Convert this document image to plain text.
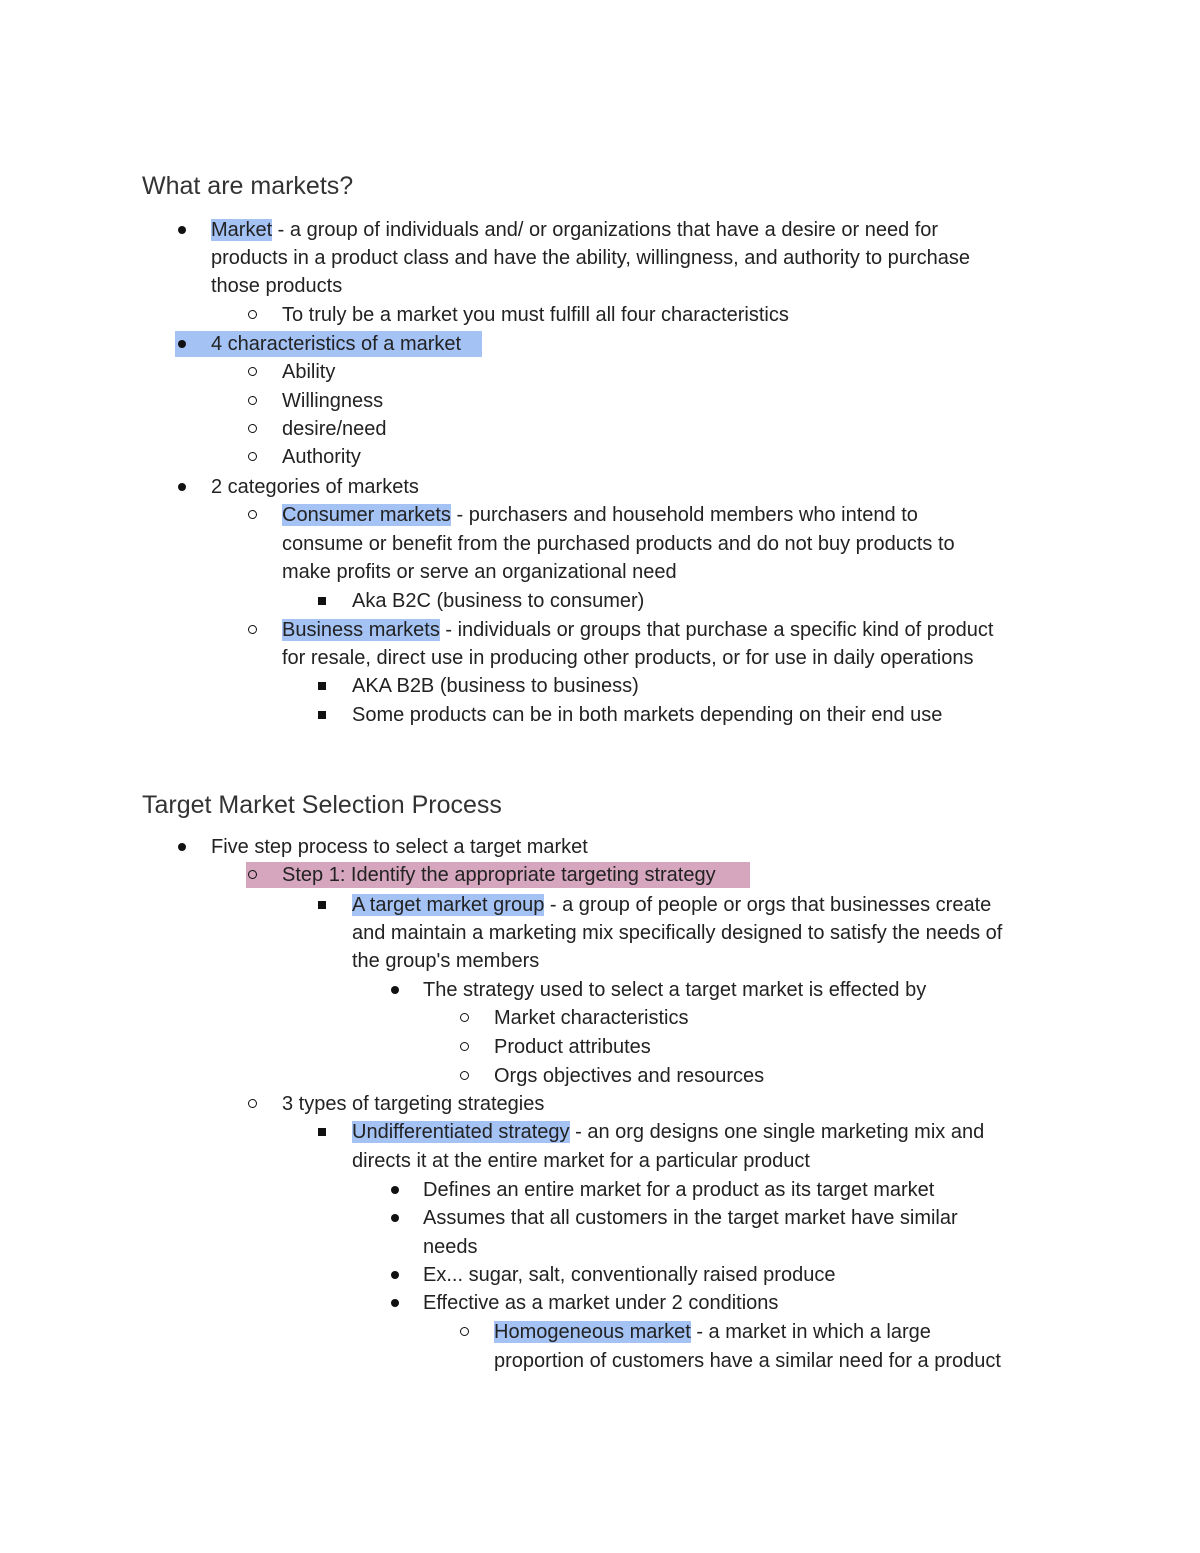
What are markets?
Market - a group of individuals and/ or organizations that have a desire or need for
products in a product class and have the ability, willingness, and authority to purchase
those products
To truly be a market you must fulfill all four characteristics
4 characteristics of a market
Ability
Willingness
desire/need
Authority
2 categories of markets
Consumer markets - purchasers and household members who intend to
consume or benefit from the purchased products and do not buy products to
make profits or serve an organizational need
Aka B2C (business to consumer)
Business markets - individuals or groups that purchase a specific kind of product
for resale, direct use in producing other products, or for use in daily operations
AKA B2B (business to business)
Some products can be in both markets depending on their end use
Target Market Selection Process
Five step process to select a target market
Step 1: Identify the appropriate targeting strategy
A target market group - a group of people or orgs that businesses create
and maintain a marketing mix specifically designed to satisfy the needs of
the group's members
The strategy used to select a target market is effected by
Market characteristics
Product attributes
Orgs objectives and resources
3 types of targeting strategies
Undifferentiated strategy - an org designs one single marketing mix and
directs it at the entire market for a particular product
Defines an entire market for a product as its target market
Assumes that all customers in the target market have similar
needs
Ex... sugar, salt, conventionally raised produce
Effective as a market under 2 conditions
Homogeneous market - a market in which a large
proportion of customers have a similar need for a product
